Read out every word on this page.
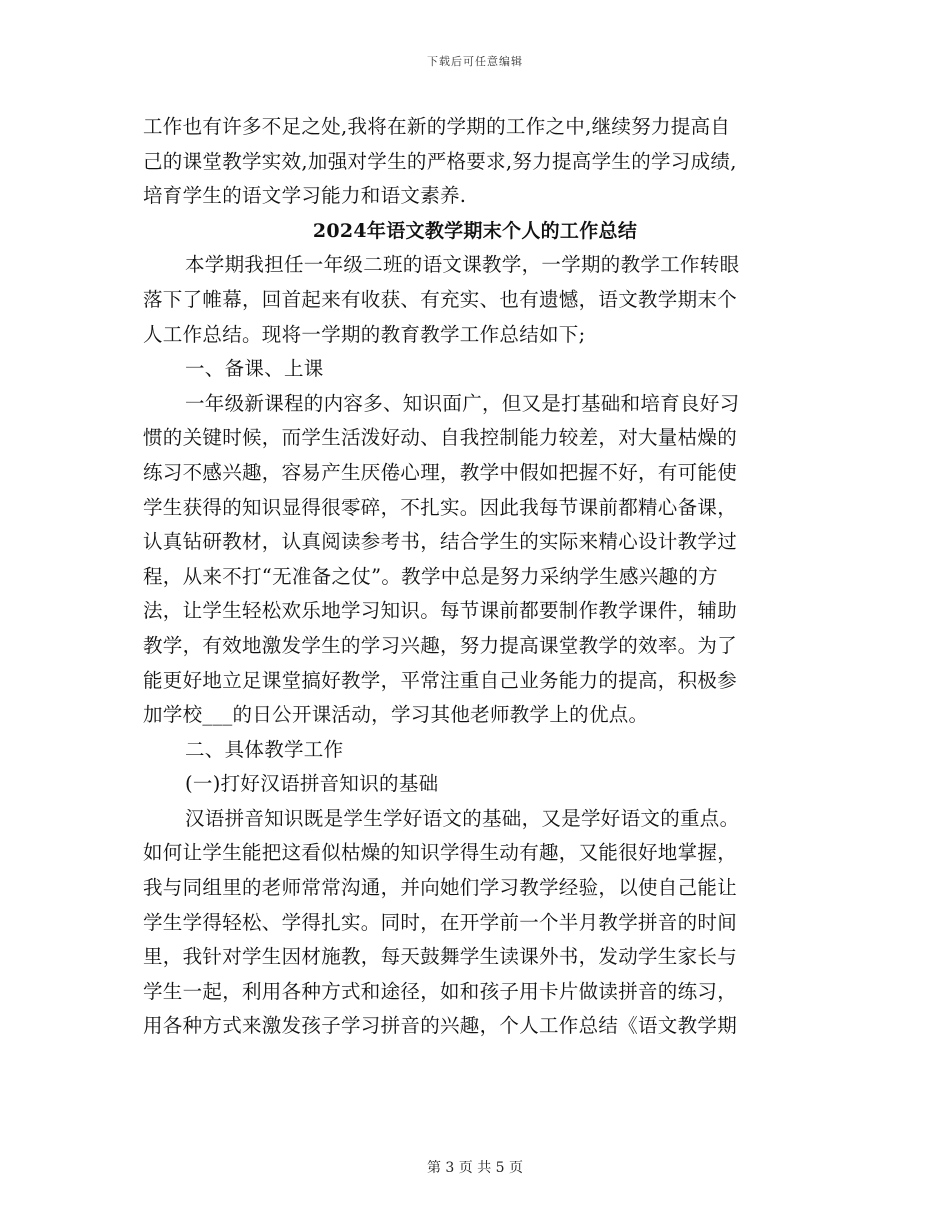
下载后可任意编辑
工作也有许多不足之处,我将在新的学期的工作之中,继续努力提高自
己的课堂教学实效,加强对学生的严格要求,努力提高学生的学习成绩,
培育学生的语文学习能力和语文素养.
2024年语文教学期末个人的工作总结
本学期我担任一年级二班的语文课教学，一学期的教学工作转眼
落下了帷幕，回首起来有收获、有充实、也有遗憾，语文教学期末个
人工作总结。现将一学期的教育教学工作总结如下;
一、备课、上课
一年级新课程的内容多、知识面广，但又是打基础和培育良好习
惯的关键时候，而学生活泼好动、自我控制能力较差，对大量枯燥的
练习不感兴趣，容易产生厌倦心理，教学中假如把握不好，有可能使
学生获得的知识显得很零碎，不扎实。因此我每节课前都精心备课，
认真钻研教材，认真阅读参考书，结合学生的实际来精心设计教学过
程，从来不打“无准备之仗”。教学中总是努力采纳学生感兴趣的方
法，让学生轻松欢乐地学习知识。每节课前都要制作教学课件，辅助
教学，有效地激发学生的学习兴趣，努力提高课堂教学的效率。为了
能更好地立足课堂搞好教学，平常注重自己业务能力的提高，积极参
加学校___的日公开课活动，学习其他老师教学上的优点。
二、具体教学工作
(一)打好汉语拼音知识的基础
汉语拼音知识既是学生学好语文的基础，又是学好语文的重点。
如何让学生能把这看似枯燥的知识学得生动有趣，又能很好地掌握，
我与同组里的老师常常沟通，并向她们学习教学经验，以使自己能让
学生学得轻松、学得扎实。同时，在开学前一个半月教学拼音的时间
里，我针对学生因材施教，每天鼓舞学生读课外书，发动学生家长与
学生一起，利用各种方式和途径，如和孩子用卡片做读拼音的练习，
用各种方式来激发孩子学习拼音的兴趣，个人工作总结《语文教学期
第 3 页 共 5 页
